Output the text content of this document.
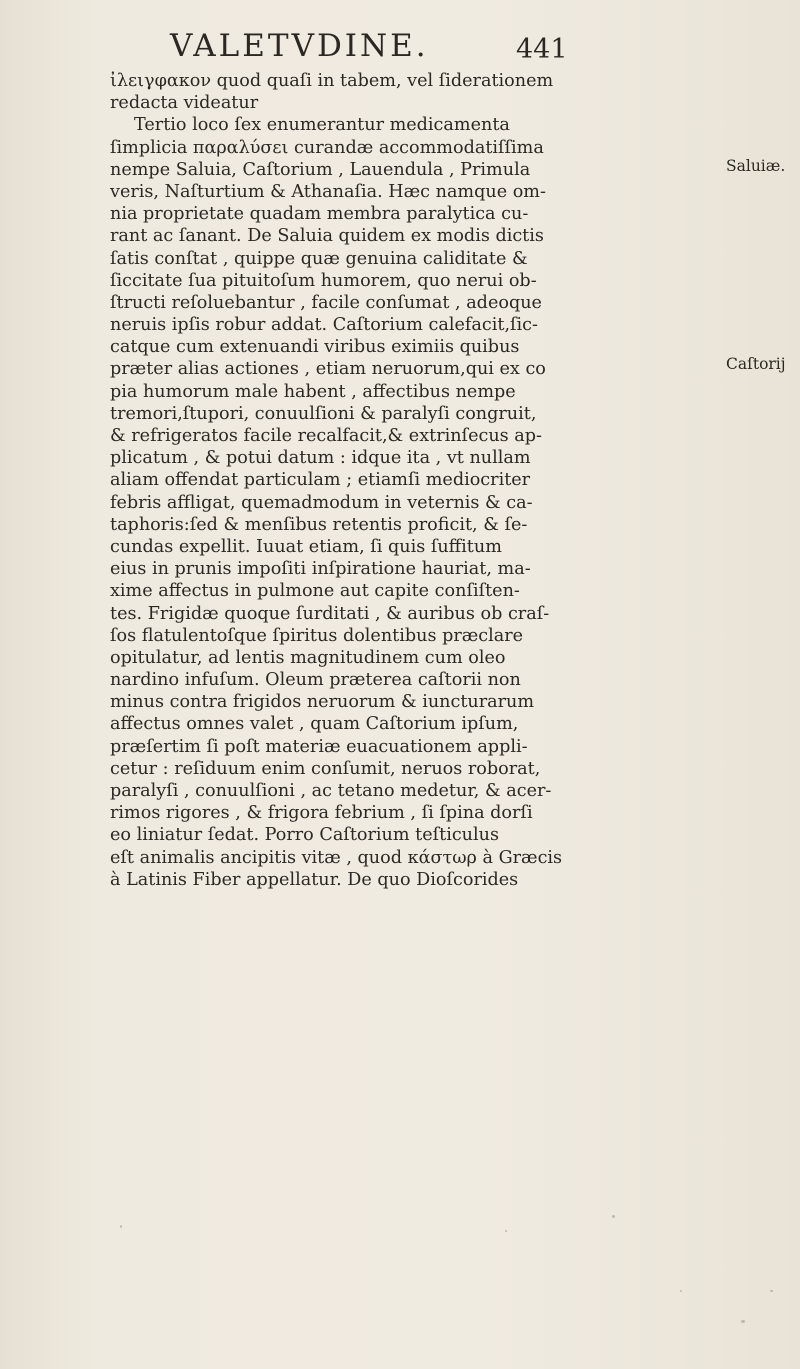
VALETVDINE.	441
ἰλειγφακον quod quaſi in tabem, vel ſiderationem
redacta videatur
Tertio loco ſex enumerantur medicamenta
ſimplicia παραλύσει curandæ accommodatiſſima
nempe Saluia, Caſtorium , Lauendula , Primula
veris, Naſturtium & Athanaſia. Hæc namque om-
nia proprietate quadam membra paralytica cu-
rant ac ſanant. De Saluia quidem ex modis dictis
ſatis conſtat , quippe quæ genuina caliditate &
ſiccitate ſua pituitoſum humorem, quo nerui ob-
ſtructi reſoluebantur , facile conſumat , adeoque
neruis ipſis robur addat. Caſtorium calefacit,ſic-
catque cum extenuandi viribus eximiis quibus
præter alias actiones , etiam neruorum,qui ex co
pia humorum male habent , affectibus nempe
tremori,ſtupori, conuulſioni & paralyſi congruit,
& refrigeratos facile recalfacit,& extrinſecus ap-
plicatum , & potui datum : idque ita , vt nullam
aliam offendat particulam ; etiamſi mediocriter
febris affligat, quemadmodum in veternis & ca-
taphoris:ſed & menſibus retentis proficit, & ſe-
cundas expellit. Iuuat etiam, ſi quis ſuffitum
eius in prunis impoſiti inſpiratione hauriat, ma-
xime affectus in pulmone aut capite conſiſten-
tes. Frigidæ quoque ſurditati , & auribus ob craſ-
ſos flatulentoſque ſpiritus dolentibus præclare
opitulatur, ad lentis magnitudinem cum oleo
nardino infuſum. Oleum præterea caſtorii non
minus contra frigidos neruorum & iuncturarum
affectus omnes valet , quam Caſtorium ipſum,
præſertim ſi poſt materiæ euacuationem appli-
cetur : reſiduum enim conſumit, neruos roborat,
paralyſi , conuulſioni , ac tetano medetur, & acer-
rimos rigores , & frigora febrium , ſi ſpina dorſi
eo liniatur ſedat. Porro Caſtorium teſticulus
eſt animalis ancipitis vitæ , quod κάστωρ à Græcis
à Latinis Fiber appellatur. De quo Dioſcorides
Saluiæ.
Caſtorij
